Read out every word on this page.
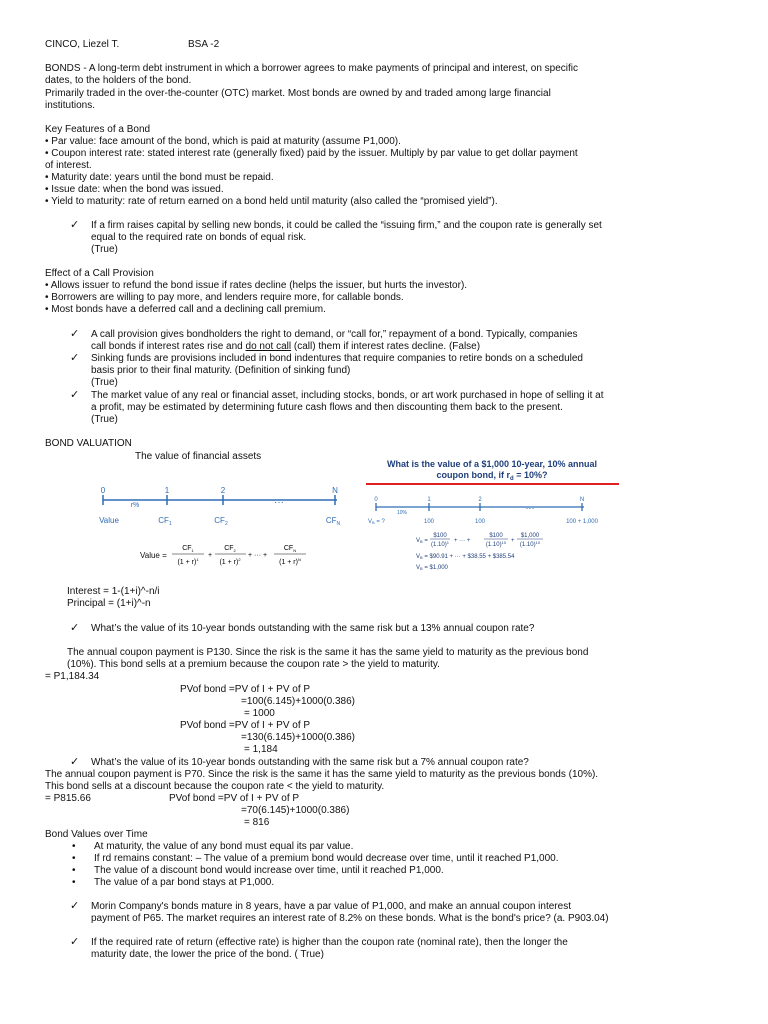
CINCO, Liezel T.	BSA -2
BONDS - A long-term debt instrument in which a borrower agrees to make payments of principal and interest, on specific
dates, to the holders of the bond.
Primarily traded in the over-the-counter (OTC) market. Most bonds are owned by and traded among large financial
institutions.
Key Features of a Bond
• Par value: face amount of the bond, which is paid at maturity (assume P1,000).
• Coupon interest rate: stated interest rate (generally fixed) paid by the issuer. Multiply by par value to get dollar payment
of interest.
• Maturity date: years until the bond must be repaid.
• Issue date: when the bond was issued.
• Yield to maturity: rate of return earned on a bond held until maturity (also called the “promised yield”).
✓ If a firm raises capital by selling new bonds, it could be called the “issuing firm,” and the coupon rate is generally set
equal to the required rate on bonds of equal risk.
(True)
Effect of a Call Provision
• Allows issuer to refund the bond issue if rates decline (helps the issuer, but hurts the investor).
• Borrowers are willing to pay more, and lenders require more, for callable bonds.
• Most bonds have a deferred call and a declining call premium.
✓ A call provision gives bondholders the right to demand, or “call for,” repayment of a bond. Typically, companies
call bonds if interest rates rise and do not call (call) them if interest rates decline. (False)
✓ Sinking funds are provisions included in bond indentures that require companies to retire bonds on a scheduled
basis prior to their final maturity. (Definition of sinking fund)
(True)
✓ The market value of any real or financial asset, including stocks, bonds, or art work purchased in hope of selling it at
a profit, may be estimated by determining future cash flows and then discounting them back to the present.
(True)
BOND VALUATION
The value of financial assets
0	1	2
···
N
r%
Value	$CF_1$	$CF_2$	$CF_N$
Value =
$CF_1$
$(1 + r)^1$
+
$CF_2$
$(1 + r)^2$
+ ··· +
$CF_N$
$(1 + r)^N$
What is the value of a $1,000 10-year, 10% annual
coupon bond, if $r_d = 10\%$?
0	1	2
···
N
10%
VB = ?	100	100	100 + 1,000
VB =
$100
$(1.10)^1$ + ··· +
$100
$(1.10)^{10}$ +
$1,000
$(1.10)^{10}$
VB = $90.91 + ··· + $38.55 + $385.54
VB = $1,000
Interest = 1-(1+i)^-n/i
Principal = (1+i)^-n
✓ What’s the value of its 10-year bonds outstanding with the same risk but a 13% annual coupon rate?
The annual coupon payment is P130. Since the risk is the same it has the same yield to maturity as the previous bond
(10%). This bond sells at a premium because the coupon rate > the yield to maturity.
= P1,184.34
PVof bond =PV of I + PV of P
=100(6.145)+1000(0.386)
= 1000
PVof bond =PV of I + PV of P
=130(6.145)+1000(0.386)
= 1,184
✓ What’s the value of its 10-year bonds outstanding with the same risk but a 7% annual coupon rate?
The annual coupon payment is P70. Since the risk is the same it has the same yield to maturity as the previous bonds (10%).
This bond sells at a discount because the coupon rate < the yield to maturity.
= P815.66	PVof bond =PV of I + PV of P
=70(6.145)+1000(0.386)
= 816
Bond Values over Time
• At maturity, the value of any bond must equal its par value.
• If rd remains constant: – The value of a premium bond would decrease over time, until it reached P1,000.
• The value of a discount bond would increase over time, until it reached P1,000.
• The value of a par bond stays at P1,000.
✓ Morin Company's bonds mature in 8 years, have a par value of P1,000, and make an annual coupon interest
payment of P65. The market requires an interest rate of 8.2% on these bonds. What is the bond's price? (a. P903.04)
✓ If the required rate of return (effective rate) is higher than the coupon rate (nominal rate), then the longer the
maturity date, the lower the price of the bond. ( True)
